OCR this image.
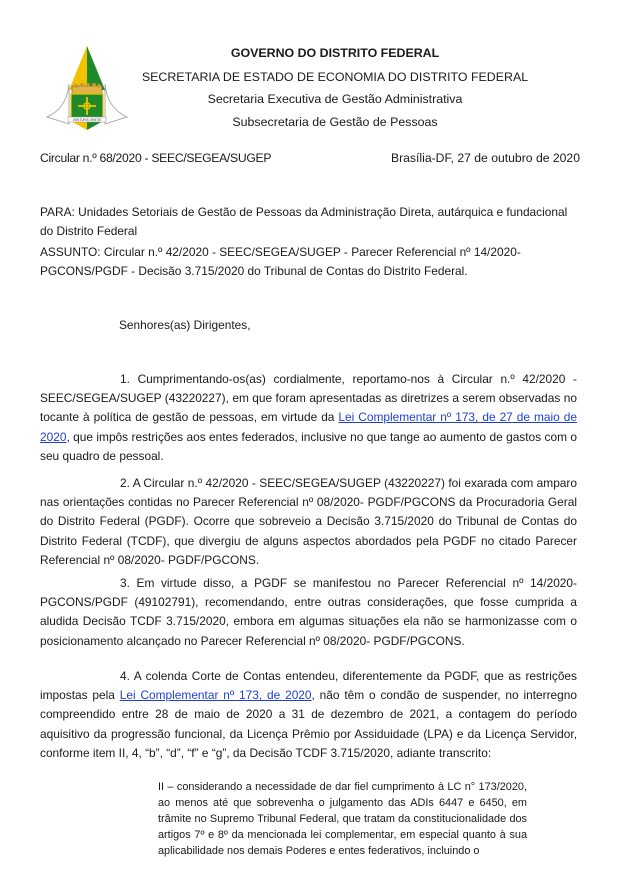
VENTURIS VENTIS
GOVERNO DO DISTRITO FEDERAL
SECRETARIA DE ESTADO DE ECONOMIA DO DISTRITO FEDERAL
Secretaria Executiva de Gestão Administrativa
Subsecretaria de Gestão de Pessoas
Circular n.º 68/2020 - SEEC/SEGEA/SUGEP	Brasília-DF, 27 de outubro de 2020

PARA: Unidades Setoriais de Gestão de Pessoas da Administração Direta, autárquica e fundacional do Distrito Federal

ASSUNTO: Circular n.º 42/2020 - SEEC/SEGEA/SUGEP - Parecer Referencial nº 14/2020-PGCONS/PGDF - Decisão 3.715/2020 do Tribunal de Contas do Distrito Federal.

Senhores(as) Dirigentes,
1. Cumprimentando-os(as) cordialmente, reportamo-nos à Circular n.º 42/2020 - SEEC/SEGEA/SUGEP (43220227), em que foram apresentadas as diretrizes a serem observadas no tocante à política de gestão de pessoas, em virtude da Lei Complementar nº 173, de 27 de maio de 2020, que impôs restrições aos entes federados, inclusive no que tange ao aumento de gastos com o seu quadro de pessoal.
2. A Circular n.º 42/2020 - SEEC/SEGEA/SUGEP (43220227) foi exarada com amparo nas orientações contidas no Parecer Referencial nº 08/2020- PGDF/PGCONS da Procuradoria Geral do Distrito Federal (PGDF). Ocorre que sobreveio a Decisão 3.715/2020 do Tribunal de Contas do Distrito Federal (TCDF), que divergiu de alguns aspectos abordados pela PGDF no citado Parecer Referencial nº 08/2020- PGDF/PGCONS.
3. Em virtude disso, a PGDF se manifestou no Parecer Referencial nº 14/2020-PGCONS/PGDF (49102791), recomendando, entre outras considerações, que fosse cumprida a aludida Decisão TCDF 3.715/2020, embora em algumas situações ela não se harmonizasse com o posicionamento alcançado no Parecer Referencial nº 08/2020- PGDF/PGCONS.
4. A colenda Corte de Contas entendeu, diferentemente da PGDF, que as restrições impostas pela Lei Complementar nº 173, de 2020, não têm o condão de suspender, no interregno compreendido entre 28 de maio de 2020 a 31 de dezembro de 2021, a contagem do período aquisitivo da progressão funcional, da Licença Prêmio por Assiduidade (LPA) e da Licença Servidor, conforme item II, 4, “b”, “d”, “f” e “g”, da Decisão TCDF 3.715/2020, adiante transcrito:
II – considerando a necessidade de dar fiel cumprimento à LC n° 173/2020, ao menos até que sobrevenha o julgamento das ADIs 6447 e 6450, em trâmite no Supremo Tribunal Federal, que tratam da constitucionalidade dos artigos 7º e 8º da mencionada lei complementar, em especial quanto à sua aplicabilidade nos demais Poderes e entes federativos, incluindo o
